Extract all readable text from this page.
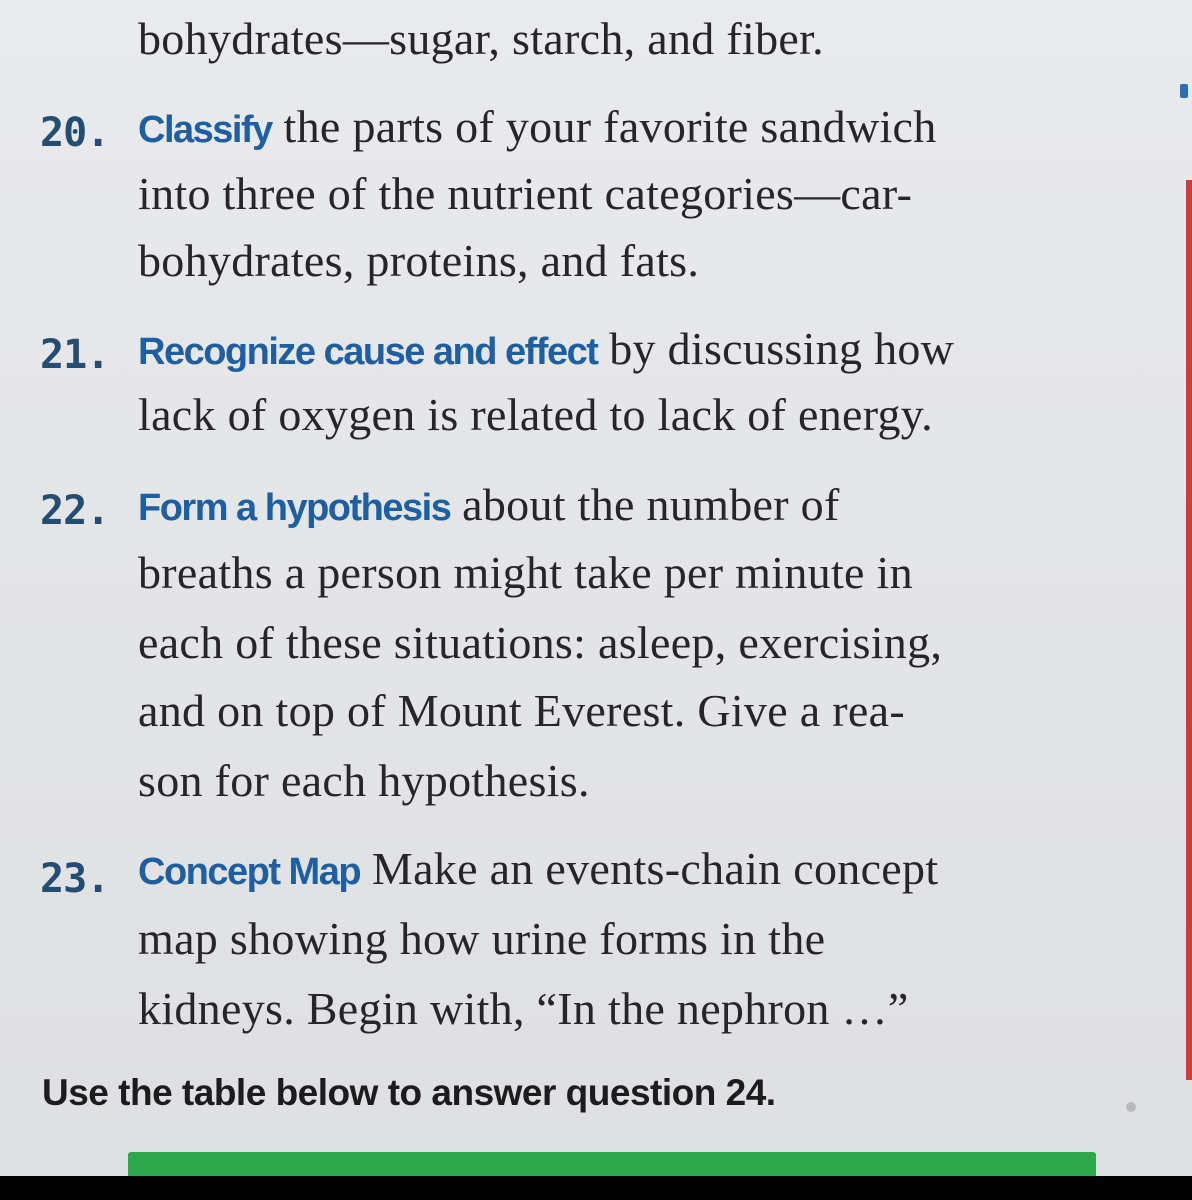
bohydrates—sugar, starch, and fiber.
20. Classify the parts of your favorite sandwich
into three of the nutrient categories—car-
bohydrates, proteins, and fats.
21. Recognize cause and effect by discussing how
lack of oxygen is related to lack of energy.
22. Form a hypothesis about the number of
breaths a person might take per minute in
each of these situations: asleep, exercising,
and on top of Mount Everest. Give a rea-
son for each hypothesis.
23. Concept Map Make an events-chain concept
map showing how urine forms in the
kidneys. Begin with, “In the nephron …”
Use the table below to answer question 24.
